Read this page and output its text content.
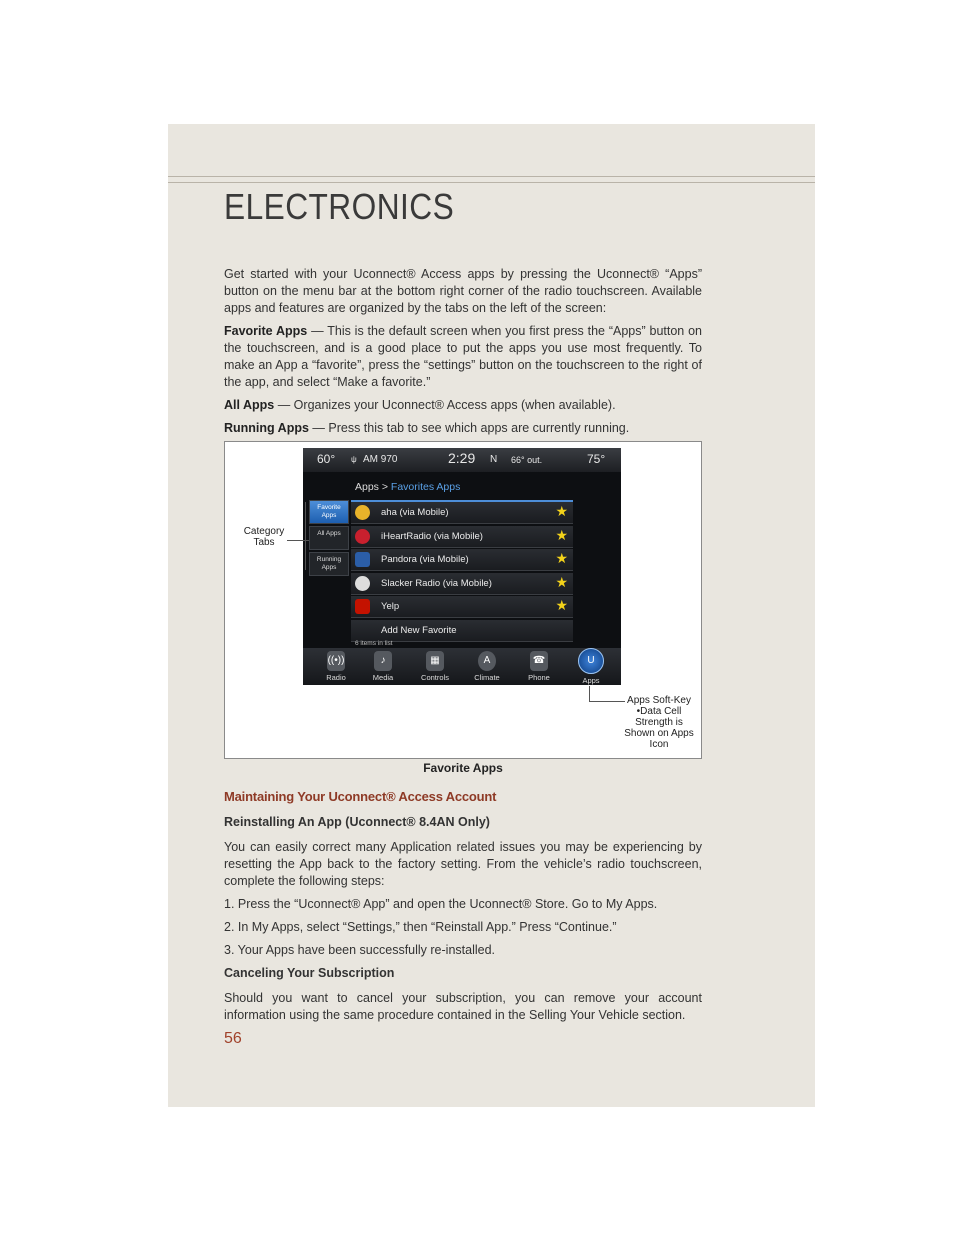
ELECTRONICS

Get started with your Uconnect® Access apps by pressing the Uconnect® “Apps” button on the menu bar at the bottom right corner of the radio touchscreen. Available apps and features are organized by the tabs on the left of the screen:

Favorite Apps — This is the default screen when you first press the “Apps” button on the touchscreen, and is a good place to put the apps you use most frequently. To make an App a “favorite”, press the “settings” button on the touchscreen to the right of the app, and select “Make a favorite.”

All Apps — Organizes your Uconnect® Access apps (when available).

Running Apps — Press this tab to see which apps are currently running.

60° ψ AM 970	2:29 N 66° out.	75°
Apps > Favorites Apps
Favorite Apps
All Apps
Running Apps
aha (via Mobile)	★
iHeartRadio (via Mobile)	★
Pandora (via Mobile)	★
Slacker Radio (via Mobile)	★
Yelp	★
Add New Favorite
6 items in list
((•))
Radio
♪
Media
▦
Controls
A
Climate
☎
Phone
U
Apps
Category Tabs
Apps Soft-Key •Data Cell Strength is Shown on Apps Icon
Favorite Apps
Maintaining Your Uconnect® Access Account

Reinstalling An App (Uconnect® 8.4AN Only)

You can easily correct many Application related issues you may be experiencing by resetting the App back to the factory setting. From the vehicle’s radio touchscreen, complete the following steps:

1. Press the “Uconnect® App” and open the Uconnect® Store. Go to My Apps.

2. In My Apps, select “Settings,” then “Reinstall App.” Press “Continue.”

3. Your Apps have been successfully re-installed.

Canceling Your Subscription

Should you want to cancel your subscription, you can remove your account information using the same procedure contained in the Selling Your Vehicle section.

56
